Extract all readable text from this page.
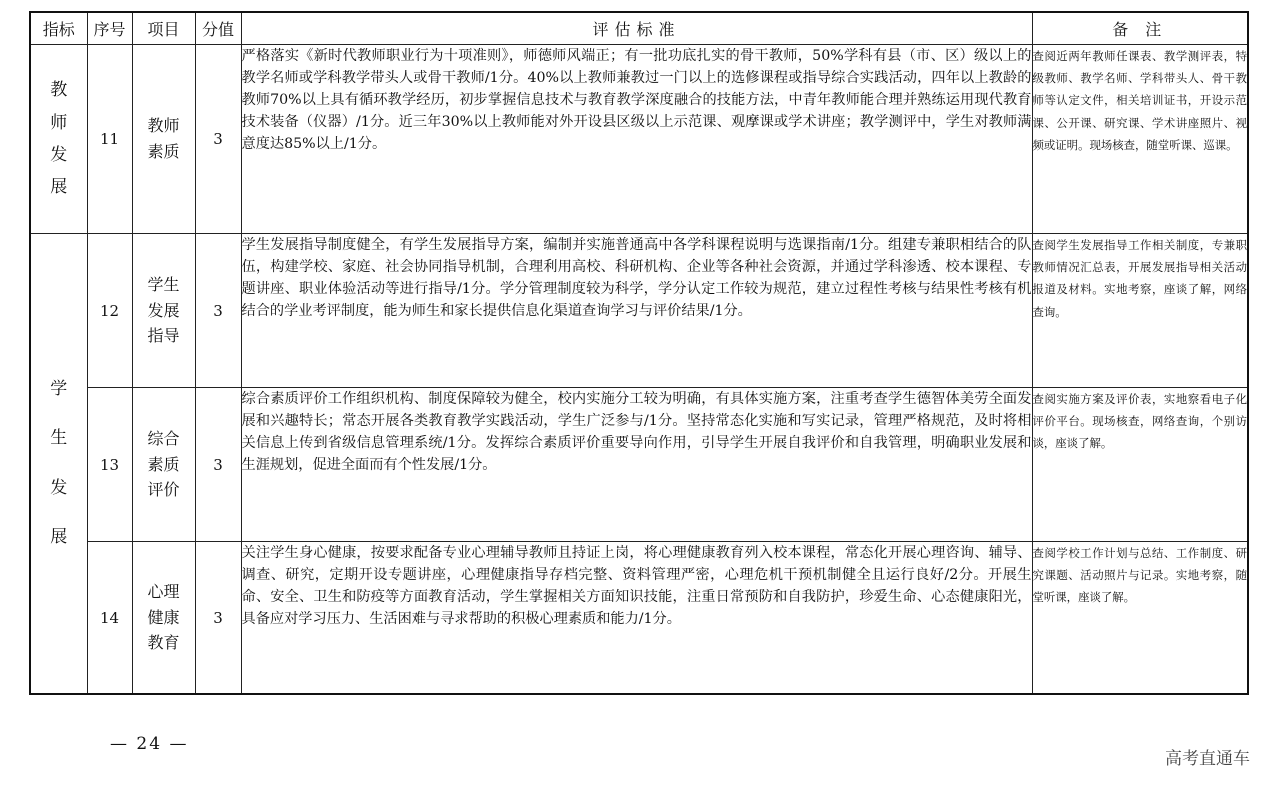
指标	序号	项目	分值	评估标准	备 注
教师发展	11	教师素质	3	严格落实《新时代教师职业行为十项准则》，师德师风端正；有一批功底扎实的骨干教师，50%学科有县（市、区）级以上的教学名师或学科教学带头人或骨干教师/1分。40%以上教师兼教过一门以上的选修课程或指导综合实践活动，四年以上教龄的教师70%以上具有循环教学经历，初步掌握信息技术与教育教学深度融合的技能方法，中青年教师能合理并熟练运用现代教育技术装备（仪器）/1分。近三年30%以上教师能对外开设县区级以上示范课、观摩课或学术讲座；教学测评中，学生对教师满意度达85%以上/1分。	查阅近两年教师任课表、教学测评表，特级教师、教学名师、学科带头人、骨干教师等认定文件，相关培训证书，开设示范课、公开课、研究课、学术讲座照片、视频或证明。现场核查，随堂听课、巡课。
学生发展	12	学生发展指导	3	学生发展指导制度健全，有学生发展指导方案，编制并实施普通高中各学科课程说明与选课指南/1分。组建专兼职相结合的队伍，构建学校、家庭、社会协同指导机制，合理利用高校、科研机构、企业等各种社会资源，并通过学科渗透、校本课程、专题讲座、职业体验活动等进行指导/1分。学分管理制度较为科学，学分认定工作较为规范，建立过程性考核与结果性考核有机结合的学业考评制度，能为师生和家长提供信息化渠道查询学习与评价结果/1分。	查阅学生发展指导工作相关制度，专兼职教师情况汇总表，开展发展指导相关活动报道及材料。实地考察，座谈了解，网络查询。
	13	综合素质评价	3	综合素质评价工作组织机构、制度保障较为健全，校内实施分工较为明确，有具体实施方案，注重考查学生德智体美劳全面发展和兴趣特长；常态开展各类教育教学实践活动，学生广泛参与/1分。坚持常态化实施和写实记录，管理严格规范，及时将相关信息上传到省级信息管理系统/1分。发挥综合素质评价重要导向作用，引导学生开展自我评价和自我管理，明确职业发展和生涯规划，促进全面而有个性发展/1分。	查阅实施方案及评价表，实地察看电子化评价平台。现场核查，网络查询，个别访谈，座谈了解。
	14	心理健康教育	3	关注学生身心健康，按要求配备专业心理辅导教师且持证上岗，将心理健康教育列入校本课程，常态化开展心理咨询、辅导、调查、研究，定期开设专题讲座，心理健康指导存档完整、资料管理严密，心理危机干预机制健全且运行良好/2分。开展生命、安全、卫生和防疫等方面教育活动，学生掌握相关方面知识技能，注重日常预防和自我防护，珍爱生命、心态健康阳光，具备应对学习压力、生活困难与寻求帮助的积极心理素质和能力/1分。	查阅学校工作计划与总结、工作制度、研究课题、活动照片与记录。实地考察，随堂听课，座谈了解。
— 24 —
高考直通车
